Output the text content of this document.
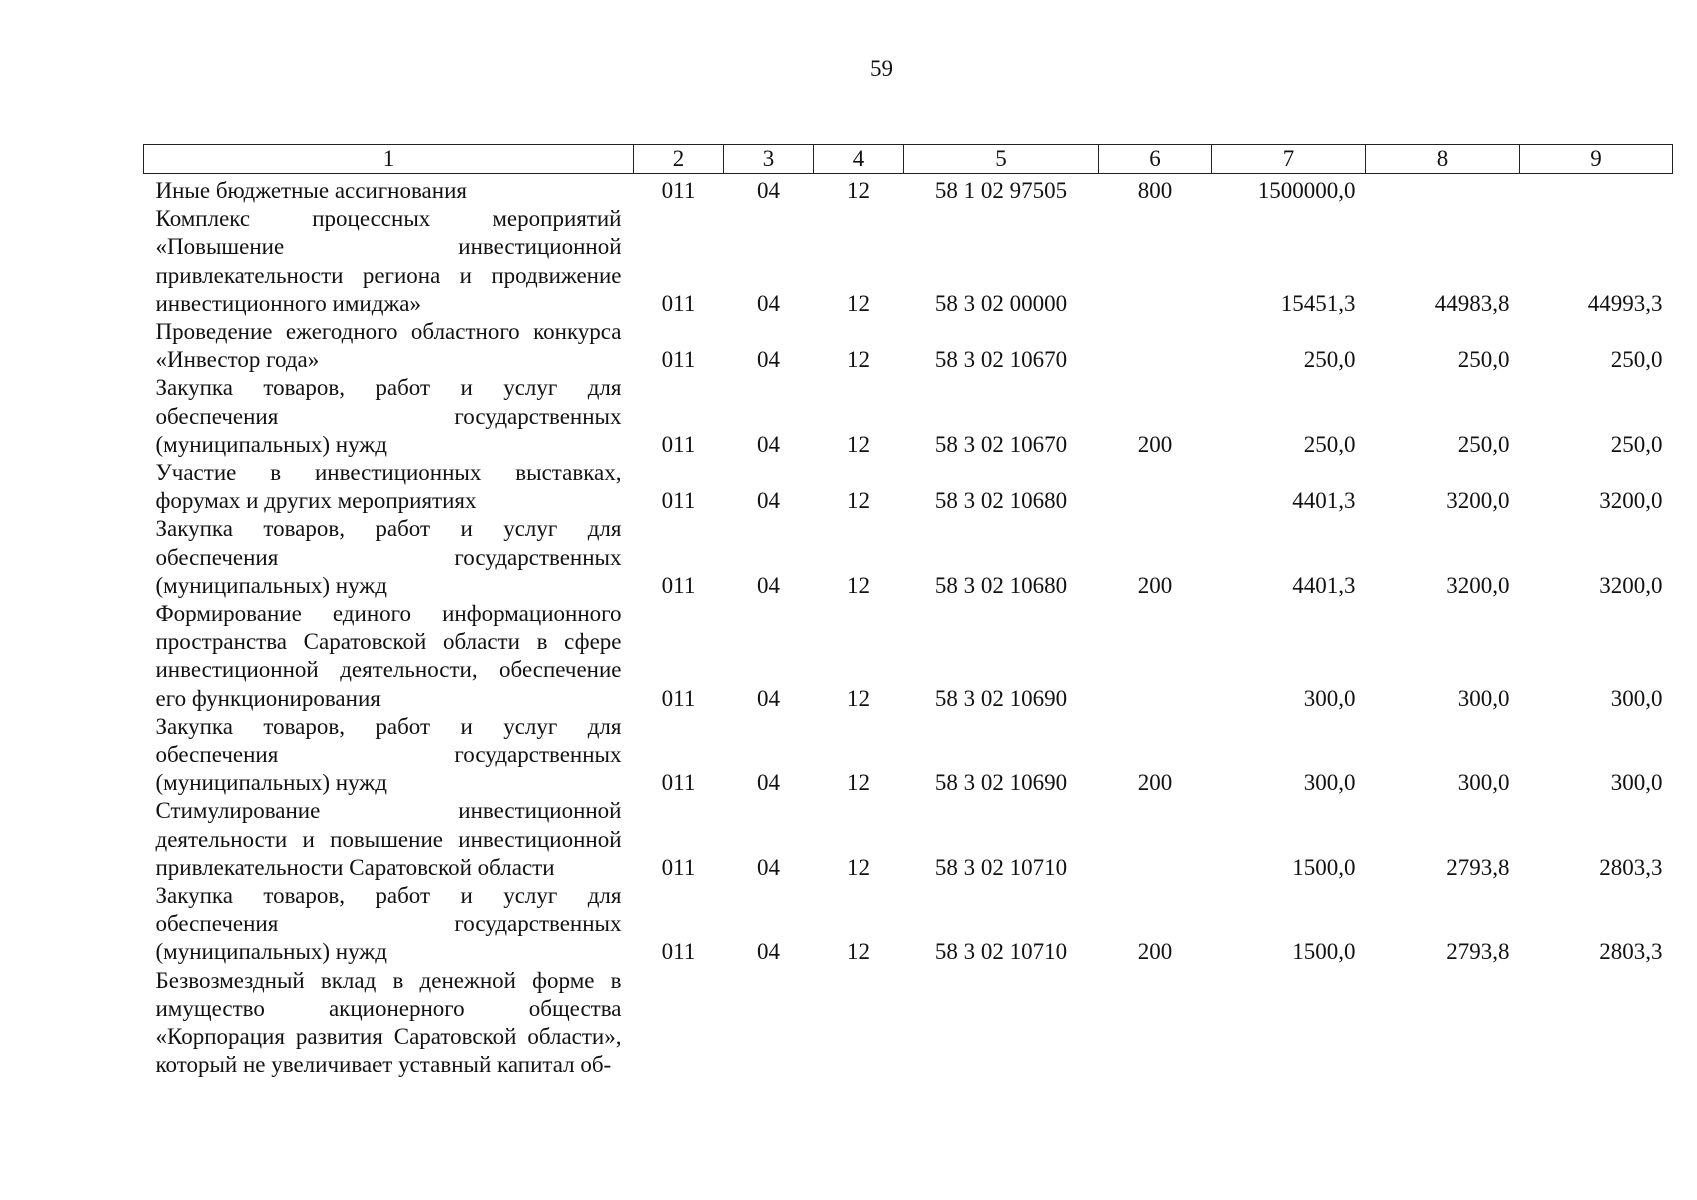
59
1	2	3	4	5	6	7	8	9
Иные бюджетные ассигнования	011	04	12	58 1 02 97505	800	1500000,0		
Комплекс процессных мероприятий «Повышение инвестиционной привлекательности региона и продвижение инвестиционного имиджа»	011	04	12	58 3 02 00000		15451,3	44983,8	44993,3
Проведение ежегодного областного конкурса «Инвестор года»	011	04	12	58 3 02 10670		250,0	250,0	250,0
Закупка товаров, работ и услуг для обеспечения государственных (муниципальных) нужд	011	04	12	58 3 02 10670	200	250,0	250,0	250,0
Участие в инвестиционных выставках, форумах и других мероприятиях	011	04	12	58 3 02 10680		4401,3	3200,0	3200,0
Закупка товаров, работ и услуг для обеспечения государственных (муниципальных) нужд	011	04	12	58 3 02 10680	200	4401,3	3200,0	3200,0
Формирование единого информационного пространства Саратовской области в сфере инвестиционной деятельности, обеспечение его функционирования	011	04	12	58 3 02 10690		300,0	300,0	300,0
Закупка товаров, работ и услуг для обеспечения государственных (муниципальных) нужд	011	04	12	58 3 02 10690	200	300,0	300,0	300,0
Стимулирование инвестиционной деятельности и повышение инвестиционной привлекательности Саратовской области	011	04	12	58 3 02 10710		1500,0	2793,8	2803,3
Закупка товаров, работ и услуг для обеспечения государственных (муниципальных) нужд	011	04	12	58 3 02 10710	200	1500,0	2793,8	2803,3
Безвозмездный вклад в денежной форме в имущество акционерного общества «Корпорация развития Саратовской области», который не увеличивает уставный капитал об-								
